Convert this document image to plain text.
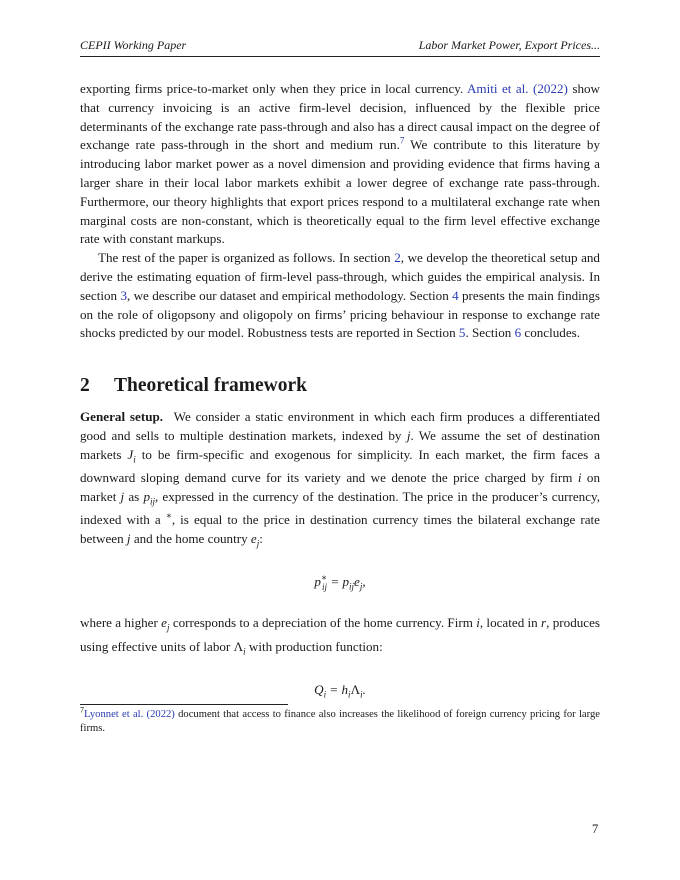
CEPII Working Paper	Labor Market Power, Export Prices...

exporting firms price-to-market only when they price in local currency. Amiti et al. (2022) show that currency invoicing is an active firm-level decision, influenced by the flexible price determinants of the exchange rate pass-through and also has a direct causal impact on the degree of exchange rate pass-through in the short and medium run.$^7$ We contribute to this literature by introducing labor market power as a novel dimension and providing evidence that firms having a larger share in their local labor markets exhibit a lower degree of exchange rate pass-through. Furthermore, our theory highlights that export prices respond to a multilateral exchange rate when marginal costs are non-constant, which is theoretically equal to the firm level effective exchange rate with constant markups.

The rest of the paper is organized as follows. In section 2, we develop the theoretical setup and derive the estimating equation of firm-level pass-through, which guides the empirical analysis. In section 3, we describe our dataset and empirical methodology. Section 4 presents the main findings on the role of oligopsony and oligopoly on firms’ pricing behaviour in response to exchange rate shocks predicted by our model. Robustness tests are reported in Section 5. Section 6 concludes.

2 Theoretical framework

General setup. We consider a static environment in which each firm produces a differentiated good and sells to multiple destination markets, indexed by j. We assume the set of destination markets $J_i$ to be firm-specific and exogenous for simplicity. In each market, the firm faces a downward sloping demand curve for its variety and we denote the price charged by firm i on market j as $p_{ij}$, expressed in the currency of the destination. The price in the producer’s currency, indexed with a ∗, is equal to the price in destination currency times the bilateral exchange rate between j and the home country $e_j$:

$p^∗_{ij} = p_{ij}e_j$,

where a higher $e_j$ corresponds to a depreciation of the home currency. Firm i, located in r, produces using effective units of labor $\Lambda_i$ with production function:

$Q_i = h_i\Lambda_i$.
$^7$Lyonnet et al. (2022) document that access to finance also increases the likelihood of foreign currency pricing for large firms.
7
